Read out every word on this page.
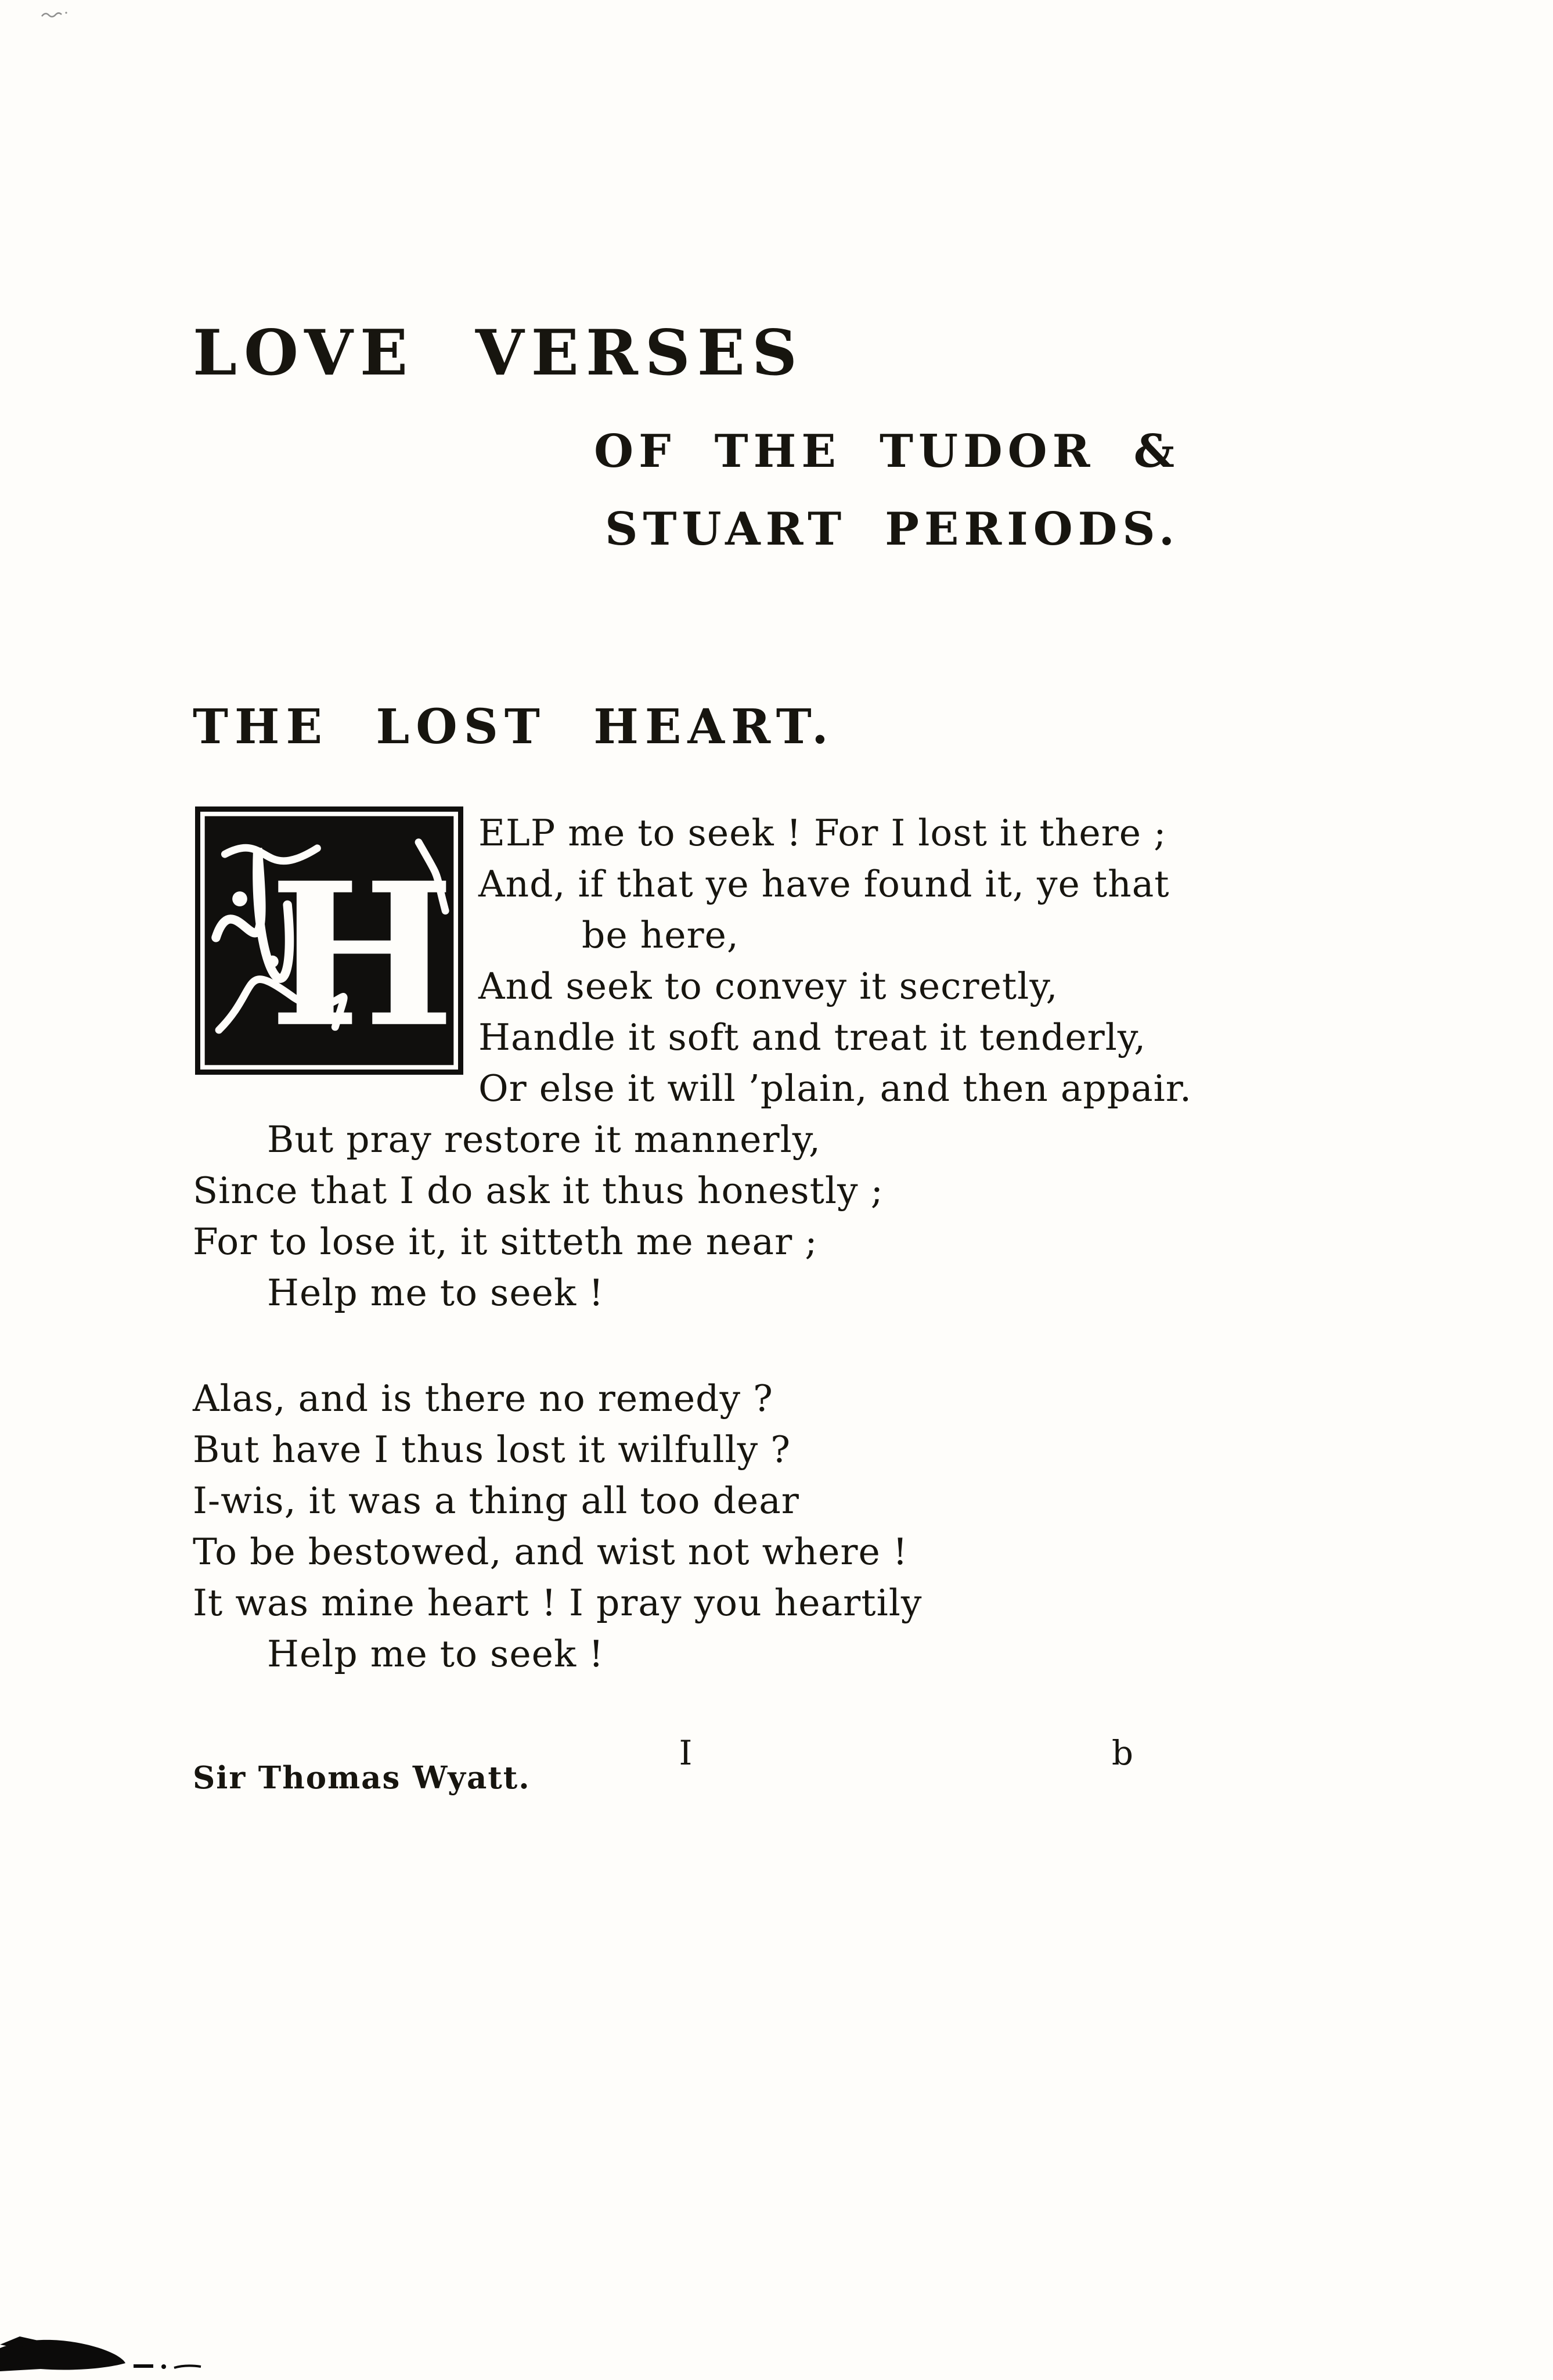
LOVE VERSES
OF THE TUDOR &
STUART PERIODS.
THE LOST HEART.
H
ELP me to seek ! For I lost it there ;
And, if that ye have found it, ye that
be here,
And seek to convey it secretly,
Handle it soft and treat it tenderly,
Or else it will ’plain, and then appair.
But pray restore it mannerly,
Since that I do ask it thus honestly ;
For to lose it, it sitteth me near ;
Help me to seek !
Alas, and is there no remedy ?
But have I thus lost it wilfully ?
I-wis, it was a thing all too dear
To be bestowed, and wist not where !
It was mine heart ! I pray you heartily
Help me to seek !
Sir Thomas Wyatt.
I	b
